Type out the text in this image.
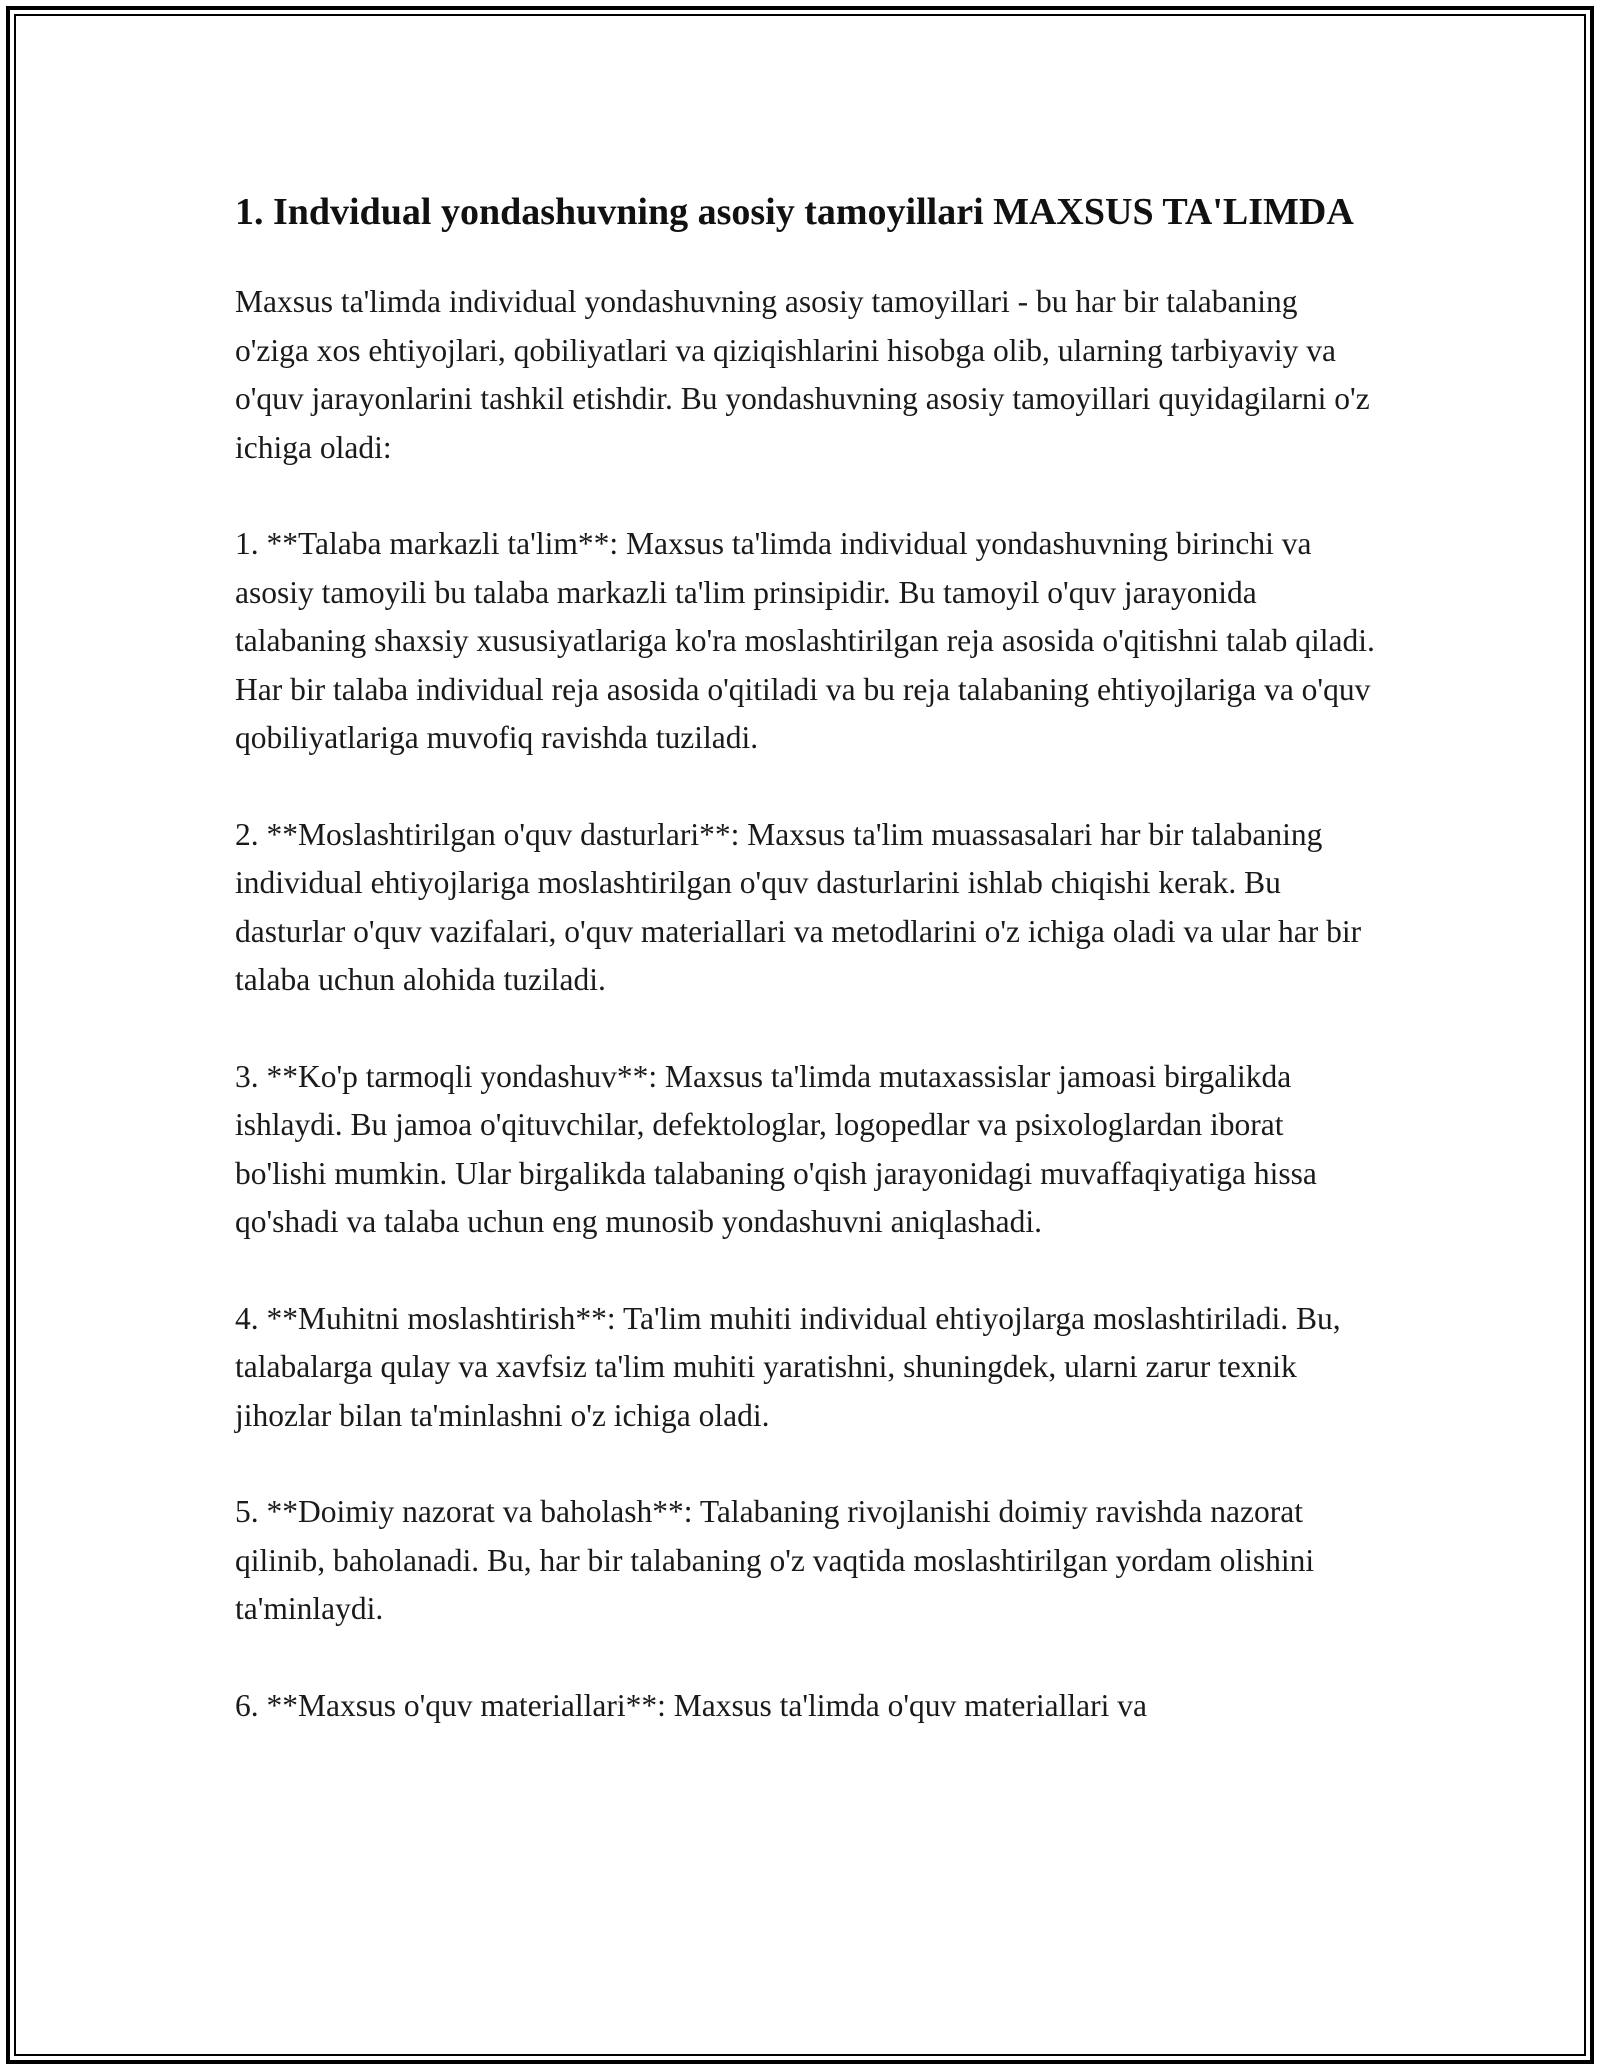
1. Indvidual yondashuvning asosiy tamoyillari MAXSUS TA'LIMDA

Maxsus ta'limda individual yondashuvning asosiy tamoyillari - bu har bir talabaning o'ziga xos ehtiyojlari, qobiliyatlari va qiziqishlarini hisobga olib, ularning tarbiyaviy va o'quv jarayonlarini tashkil etishdir. Bu yondashuvning asosiy tamoyillari quyidagilarni o'z ichiga oladi:

1. **Talaba markazli ta'lim**: Maxsus ta'limda individual yondashuvning birinchi va asosiy tamoyili bu talaba markazli ta'lim prinsipidir. Bu tamoyil o'quv jarayonida talabaning shaxsiy xususiyatlariga ko'ra moslashtirilgan reja asosida o'qitishni talab qiladi. Har bir talaba individual reja asosida o'qitiladi va bu reja talabaning ehtiyojlariga va o'quv qobiliyatlariga muvofiq ravishda tuziladi.

2. **Moslashtirilgan o'quv dasturlari**: Maxsus ta'lim muassasalari har bir talabaning individual ehtiyojlariga moslashtirilgan o'quv dasturlarini ishlab chiqishi kerak. Bu dasturlar o'quv vazifalari, o'quv materiallari va metodlarini o'z ichiga oladi va ular har bir talaba uchun alohida tuziladi.

3. **Ko'p tarmoqli yondashuv**: Maxsus ta'limda mutaxassislar jamoasi birgalikda ishlaydi. Bu jamoa o'qituvchilar, defektologlar, logopedlar va psixologlardan iborat bo'lishi mumkin. Ular birgalikda talabaning o'qish jarayonidagi muvaffaqiyatiga hissa qo'shadi va talaba uchun eng munosib yondashuvni aniqlashadi.

4. **Muhitni moslashtirish**: Ta'lim muhiti individual ehtiyojlarga moslashtiriladi. Bu, talabalarga qulay va xavfsiz ta'lim muhiti yaratishni, shuningdek, ularni zarur texnik jihozlar bilan ta'minlashni o'z ichiga oladi.

5. **Doimiy nazorat va baholash**: Talabaning rivojlanishi doimiy ravishda nazorat qilinib, baholanadi. Bu, har bir talabaning o'z vaqtida moslashtirilgan yordam olishini ta'minlaydi.

6. **Maxsus o'quv materiallari**: Maxsus ta'limda o'quv materiallari va
